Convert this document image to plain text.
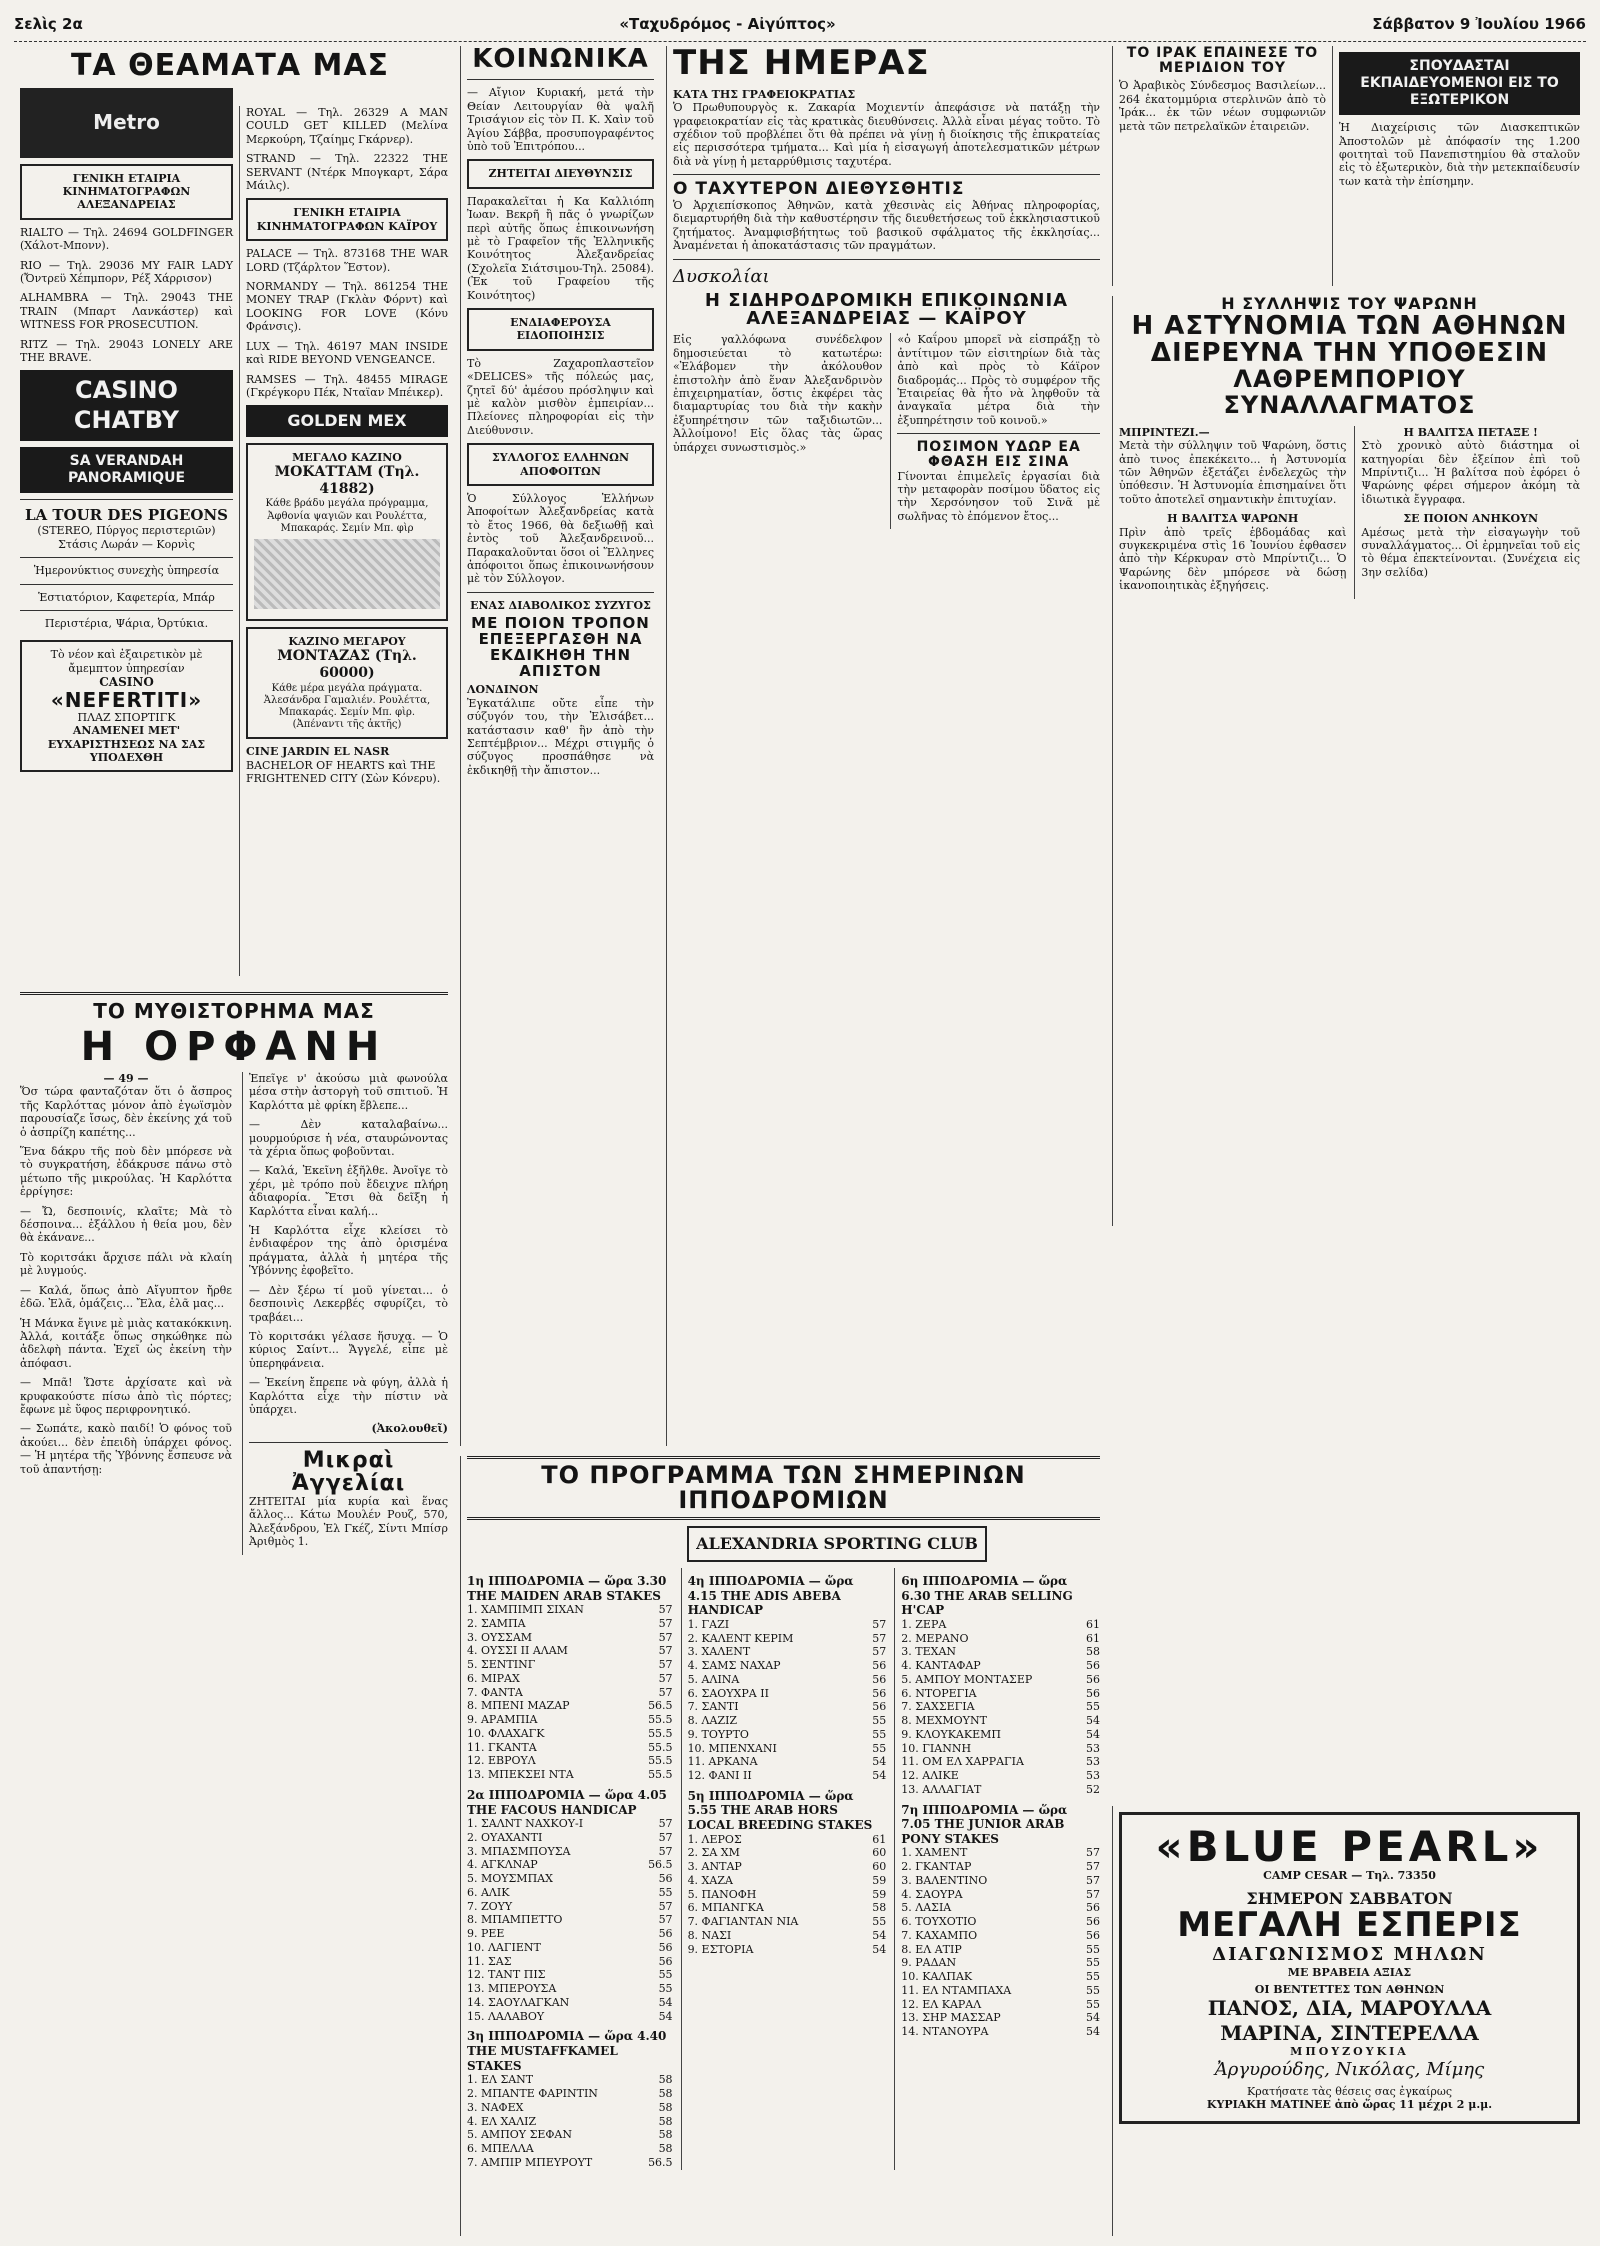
Σελὶς 2α	«Ταχυδρόμος - Αἰγύπτος»	Σάββατον 9 Ἰουλίου 1966
ΤΑ ΘΕΑΜΑΤΑ ΜΑΣ
Metro
ΓΕΝΙΚΗ ΕΤΑΙΡΙΑ ΚΙΝΗΜΑΤΟΓΡΑΦΩΝ ΑΛΕΞΑΝΔΡΕΙΑΣ
RIALTO — Τηλ. 24694 GOLDFINGER (Χάλοτ-Μπονν).
RIO — Τηλ. 29036 MY FAIR LADY (Ὄντρεϋ Χέπμπορν, Ρέξ Χάρρισον)
ALHAMBRA — Τηλ. 29043 THE TRAIN (Μπαρτ Λανκάστερ) καὶ WITNESS FOR PROSECUTION.
RITZ — Τηλ. 29043 LONELY ARE THE BRAVE.
CASINO CHATBY
SA VERANDAH PANORAMIQUE
LA TOUR DES PIGEONS
(STEREO, Πύργος περιστεριῶν) Στάσις Λωράν — Κορνὶς
Ἡμερονύκτιος συνεχὴς ὑπηρεσία
Ἑστιατόριον, Καφετερία, Μπάρ
Περιστέρια, Ψάρια, Ὀρτύκια.
Τὸ νέον καὶ ἐξαιρετικὸν μὲ ἄμεμπτον ὑπηρεσίαν
CASINO
«NEFERTITI»
ΠΛΑΖ ΣΠΟΡΤΙΓΚ
ΑΝΑΜΕΝΕΙ ΜΕΤ' ΕΥΧΑΡΙΣΤΗΣΕΩΣ ΝΑ ΣΑΣ ΥΠΟΔΕΧΘΗ
ROYAL — Τηλ. 26329 A MAN COULD GET KILLED (Μελίνα Μερκούρη, Τζαίημς Γκάρνερ).
STRAND — Τηλ. 22322 THE SERVANT (Ντέρκ Μπογκαρτ, Σάρα Μάιλς).
ΓΕΝΙΚΗ ΕΤΑΙΡΙΑ ΚΙΝΗΜΑΤΟΓΡΑΦΩΝ ΚΑΪΡΟΥ
PALACE — Τηλ. 873168 THE WAR LORD (Τζάρλτον Ἕστον).
NORMANDY — Τηλ. 861254 THE MONEY TRAP (Γκλὰν Φόρντ) καὶ LOOKING FOR LOVE (Κόνυ Φράνσις).
LUX — Τηλ. 46197 MAN INSIDE καὶ RIDE BEYOND VENGEANCE.
RAMSES — Τηλ. 48455 MIRAGE (Γκρέγκορυ Πέκ, Νταϊαν Μπέικερ).
GOLDEN MEX
ΜΕΓΑΛΟ ΚΑΖΙΝΟ
ΜΟΚΑΤΤΑΜ (Τηλ. 41882)
Κάθε βράδυ μεγάλα πρόγραμμα, Ἀφθονία ψαγιῶν και Ρουλέττα, Μπακαράς. Σεμίν Μπ. φὶρ
ΚΑΖΙΝΟ ΜΕΓΑΡΟΥ
ΜΟΝΤΑΖΑΣ (Τηλ. 60000)
Κάθε μέρα μεγάλα πράγματα. Ἀλεσάνδρα Γαμαλιέν. Ρουλέττα, Μπακαράς. Σεμίν Μπ. φὶρ. (Ἀπέναντι τῆς ἀκτῆς)
CINE JARDIN EL NASR
BACHELOR OF HEARTS καὶ THE FRIGHTENED CITY (Σὼν Κόνερυ).
ΤΟ ΜΥΘΙΣΤΟΡΗΜΑ ΜΑΣ
Η ΟΡΦΑΝΗ
— 49 —
Ὅσ τώρα φανταζόταν ὅτι ὁ ἄσπρος τῆς Καρλόττας μόνον ἀπὸ ἐγωϊσμὸν παρουσίαζε ἴσως, δὲν ἐκείνης χά τοῦ ὁ ἀσπρίζη καπέτης...
Ἕνα δάκρυ τῆς ποὺ δὲν μπόρεσε νὰ τὸ συγκρατήση, ἐδάκρυσε πάνω στὸ μέτωπο τῆς μικρούλας. Ἡ Καρλόττα ἐρρίγησε:
— Ὤ, δεσποινίς, κλαῖτε; Μὰ τὸ δέσποινα... ἐξάλλου ἡ θεία μου, δὲν θὰ ἐκάνανε...
Τὸ κοριτσάκι ἄρχισε πάλι νὰ κλαίη μὲ λυγμούς.
— Καλά, ὅπως ἀπὸ Αἴγυπτον ἤρθε ἐδῶ. Ἐλᾶ, ὁμάζεις... Ἔλα, ἐλᾶ μας...
Ἡ Μάνκα ἔγινε μὲ μιὰς κατακόκκινη. Ἀλλά, κοιτάξε ὅπως σηκώθηκε πὼ ἀδελφὴ πάντα. Ἐχεῖ ὡς ἐκείνη τὴν ἀπόφασι.
— Μπᾶ! Ὥστε ἀρχίσατε καὶ νὰ κρυφακούστε πίσω ἀπὸ τὶς πόρτες; ἔφωνε μὲ ὕφος περιφρονητικό.
— Σωπάτε, κακὸ παιδί! Ὁ φόνος τοῦ ἀκούει... δὲν ἐπειδὴ ὑπάρχει φόνος. — Ἡ μητέρα τῆς Ὑβόννης ἔσπευσε νὰ τοῦ ἀπαντήσῃ:
Ἐπεῖγε ν' ἀκούσω μιὰ φωνούλα μέσα στὴν ἀστοργὴ τοῦ σπιτιοῦ. Ἡ Καρλόττα μὲ φρίκη ἔβλεπε...
— Δὲν καταλαβαίνω... μουρμούρισε ἡ νέα, σταυρώνοντας τὰ χέρια ὅπως φοβοῦνται.
— Καλά, Ἐκεῖνη ἐξῆλθε. Ἀνοῖγε τὸ χέρι, μὲ τρόπο ποὺ ἔδειχνε πλήρη ἀδιαφορία. Ἔτσι θὰ δεῖξη ἡ Καρλόττα εἶναι καλή...
Ἡ Καρλόττα εἶχε κλείσει τὸ ἐνδιαφέρον της ἀπὸ ὁρισμένα πράγματα, ἀλλὰ ἡ μητέρα τῆς Ὑβόννης ἐφοβεῖτο.
— Δὲν ξέρω τί μοῦ γίνεται... ὁ δεσποινὶς Λεκερβές σφυρίζει, τὸ τραβάει...
Τὸ κοριτσάκι γέλασε ἥσυχα. — Ὁ κύριος Σαίντ... Ἄγγελέ, εἶπε μὲ ὑπερηφάνεια.
— Ἐκείνη ἔπρεπε νὰ φύγη, ἀλλὰ ἡ Καρλόττα εἶχε τὴν πίστιν νὰ ὑπάρχει.
(Ἀκολουθεῖ)
Μικραὶ Ἀγγελίαι
ΖΗΤΕΙΤΑΙ μία κυρία καὶ ἕνας ἄλλος... Κάτω Μουλέν Ρουζ, 570, Ἀλεξάνδρου, Ἐλ Γκέζ, Σίντι Μπίσρ Ἀριθμὸς 1.
ΚΟΙΝΩΝΙΚΑ
— Αἴγιον Κυριακή, μετά τὴν Θείαν Λειτουργίαν θὰ ψαλῆ Τρισάγιον εἰς τὸν Π. Κ. Χαὶν τοῦ Ἁγίου Σάββα, προσυπογραφέντος ὑπὸ τοῦ Ἐπιτρόπου...
ΖΗΤΕΙΤΑΙ ΔΙΕΥΘΥΝΣΙΣ
Παρακαλεῖται ἡ Κα Καλλιόπη Ἰωαν. Βεκρῆ ἢ πᾶς ὁ γνωρίζων περὶ αὐτῆς ὅπως ἐπικοινωνήση μὲ τὸ Γραφεῖον τῆς Ἑλληνικῆς Κοινότητος Ἀλεξανδρείας (Σχολεῖα Σιάτσιμου-Τηλ. 25084). (Ἐκ τοῦ Γραφείου τῆς Κοινότητος)
ΕΝΔΙΑΦΕΡΟΥΣΑ ΕΙΔΟΠΟΙΗΣΙΣ
Τὸ Ζαχαροπλαστεῖον «DELICES» τῆς πόλεώς μας, ζητεῖ δύ' ἀμέσου πρόσληψιν καὶ μὲ καλὸν μισθὸν ἐμπειρίαν... Πλείονες πληροφορίαι εἰς τὴν Διεύθυνσιν.
ΣΥΛΛΟΓΟΣ ΕΛΛΗΝΩΝ ΑΠΟΦΟΙΤΩΝ
Ὁ Σύλλογος Ἑλλήνων Ἀποφοίτων Ἀλεξανδρείας κατὰ τὸ ἔτος 1966, θὰ δεξιωθῇ καὶ ἐντὸς τοῦ Ἀλεξανδρεινοῦ... Παρακαλοῦνται ὅσοι οἱ Ἕλληνες ἀπόφοιτοι ὅπως ἐπικοινωνήσουν μὲ τὸν Σύλλογον.
ΕΝΑΣ ΔΙΑΒΟΛΙΚΟΣ ΣΥΖΥΓΟΣ
ΜΕ ΠΟΙΟΝ ΤΡΟΠΟΝ ΕΠΕΞΕΡΓΑΣΘΗ ΝΑ ΕΚΔΙΚΗΘΗ ΤΗΝ ΑΠΙΣΤΟΝ
ΛΟΝΔΙΝΟΝ
Ἐγκατάλιπε οὔτε εἶπε τὴν σύζυγόν του, τὴν Ἐλισάβετ... κατάστασιν καθ' ἣν ἀπὸ τὴν Σεπτέμβριον... Μέχρι στιγμῆς ὁ σύζυγος προσπάθησε νὰ ἐκδικηθῇ τὴν ἄπιστον...
ΤΗΣ ΗΜΕΡΑΣ
ΚΑΤΑ ΤΗΣ ΓΡΑΦΕΙΟΚΡΑΤΙΑΣ
Ὁ Πρωθυπουργὸς κ. Ζακαρία Μοχιεντίν ἀπεφάσισε νὰ πατάξῃ τὴν γραφειοκρατίαν εἰς τὰς κρατικὰς διευθύνσεις. Ἀλλὰ εἶναι μέγας τοῦτο. Τὸ σχέδιον τοῦ προβλέπει ὅτι θὰ πρέπει νὰ γίνῃ ἡ διοίκησις τῆς ἐπικρατείας εἰς περισσότερα τμήματα... Καὶ μία ἡ εἰσαγωγή ἀποτελεσματικῶν μέτρων διὰ νὰ γίνῃ ἡ μεταρρύθμισις ταχυτέρα.
Ο ΤΑΧΥΤΕΡΟΝ ΔΙΕΘΥΣΘΗΤΙΣ
Ὁ Ἀρχιεπίσκοπος Ἀθηνῶν, κατὰ χθεσινὰς εἰς Ἀθήνας πληροφορίας, διεμαρτυρήθη διὰ τὴν καθυστέρησιν τῆς διευθετήσεως τοῦ ἐκκλησιαστικοῦ ζητήματος. Ἀναμφισβήτητως τοῦ βασικοῦ σφάλματος τῆς ἐκκλησίας... Ἀναμένεται ἡ ἀποκατάστασις τῶν πραγμάτων.
Δυσκολίαι
Η ΣΙΔΗΡΟΔΡΟΜΙΚΗ ΕΠΙΚΟΙΝΩΝΙΑ ΑΛΕΞΑΝΔΡΕΙΑΣ — ΚΑΪΡΟΥ
Εἰς γαλλόφωνα συνέδελφον δημοσιεύεται τὸ κατωτέρω: «Ἐλάβομεν τὴν ἀκόλουθον ἐπιστολὴν ἀπὸ ἕναν Ἀλεξανδρινὸν ἐπιχειρηματίαν, ὅστις ἐκφέρει τὰς διαμαρτυρίας του διὰ τὴν κακὴν ἐξυπηρέτησιν τῶν ταξιδιωτῶν... Ἀλλοίμονο! Εἰς ὅλας τὰς ὥρας ὑπάρχει συνωστισμὸς.»
«ὁ Καΐρου μπορεῖ νὰ εἰσπράξῃ τὸ ἀντίτιμον τῶν εἰσιτηρίων διὰ τὰς ἀπὸ καὶ πρὸς τὸ Κάϊρον διαδρομάς... Πρὸς τὸ συμφέρον τῆς Ἑταιρείας θὰ ἦτο νὰ ληφθοῦν τὰ ἀναγκαῖα μέτρα διὰ τὴν ἐξυπηρέτησιν τοῦ κοινοῦ.»
ΠΟΣΙΜΟΝ ΥΔΩΡ ΕΑ ΦΘΑΣΗ ΕΙΣ ΣΙΝΑ
Γίνονται ἐπιμελεῖς ἐργασίαι διὰ τὴν μεταφορὰν ποσίμου ὕδατος εἰς τὴν Χερσόνησον τοῦ Σινᾶ μὲ σωλῆνας τὸ ἐπόμενον ἔτος...
ΤΟ ΙΡΑΚ ΕΠΑΙΝΕΣΕ ΤΟ ΜΕΡΙΔΙΟΝ ΤΟΥ
Ὁ Ἀραβικὸς Σύνδεσμος Βασιλείων... 264 ἑκατομμύρια στερλινῶν ἀπὸ τὸ Ἰράκ... ἐκ τῶν νέων συμφωνιῶν μετὰ τῶν πετρελαϊκῶν ἑταιρειῶν.
ΣΠΟΥΔΑΣΤΑΙ ΕΚΠΑΙΔΕΥΟΜΕΝΟΙ ΕΙΣ ΤΟ ΕΞΩΤΕΡΙΚΟΝ
Ἡ Διαχείρισις τῶν Διασκεπτικῶν Ἀποστολῶν μὲ ἀπόφασίν της 1.200 φοιτηταὶ τοῦ Πανεπιστημίου θὰ σταλοῦν εἰς τὸ ἐξωτερικὸν, διὰ τὴν μετεκπαίδευσίν των κατὰ τὴν ἐπίσημην.
Η ΣΥΛΛΗΨΙΣ ΤΟΥ ΨΑΡΩΝΗ
Η ΑΣΤΥΝΟΜΙΑ ΤΩΝ ΑΘΗΝΩΝ
ΔΙΕΡΕΥΝΑ ΤΗΝ ΥΠΟΘΕΣΙΝ
ΛΑΘΡΕΜΠΟΡΙΟΥ ΣΥΝΑΛΛΑΓΜΑΤΟΣ
ΜΠΡΙΝΤΕΖΙ.—
Μετὰ τὴν σύλληψιν τοῦ Ψαρώνη, ὅστις ἀπὸ τινος ἐπεκέκειτο... ἡ Ἀστυνομία τῶν Ἀθηνῶν ἐξετάζει ἐνδελεχῶς τὴν ὑπόθεσιν. Ἡ Ἀστυνομία ἐπισημαίνει ὅτι τοῦτο ἀποτελεῖ σημαντικὴν ἐπιτυχίαν.
Η ΒΑΛΙΤΣΑ ΨΑΡΩΝΗ
Πρὶν ἀπὸ τρεῖς ἑβδομάδας καὶ συγκεκριμένα στὶς 16 Ἰουνίου ἐφθασεν ἀπὸ τὴν Κέρκυραν στὸ Μπρίντιζι... Ὁ Ψαρώνης δὲν μπόρεσε νὰ δώσῃ ἱκανοποιητικὰς ἐξηγήσεις.
Η ΒΑΛΙΤΣΑ ΠΕΤΑΞΕ !
Στὸ χρονικὸ αὐτὸ διάστημα οἱ κατηγορίαι δὲν ἐξείπον ἐπὶ τοῦ Μπρίντιζι... Ἡ βαλίτσα ποὺ ἐφόρει ὁ Ψαρώνης φέρει σήμερον ἀκόμη τὰ ἰδιωτικὰ ἔγγραφα.
ΣΕ ΠΟΙΟΝ ΑΝΗΚΟΥΝ
Αμέσως μετὰ τὴν εἰσαγωγὴν τοῦ συναλλάγματος... Οἱ ἑρμηνεῖαι τοῦ εἰς τὸ θέμα ἐπεκτείνονται. (Συνέχεια εἰς 3ην σελίδα)
ΤΟ ΠΡΟΓΡΑΜΜΑ ΤΩΝ ΣΗΜΕΡΙΝΩΝ ΙΠΠΟΔΡΟΜΙΩΝ
ALEXANDRIA SPORTING CLUB
1η ΙΠΠΟΔΡΟΜΙΑ — ὥρα 3.30 THE MAIDEN ARAB STAKES
1. ΧΑΜΠΙΜΠ ΣΙΧΑΝ	57
2. ΣΑΜΠΑ	57
3. ΟΥΣΣΑΜ	57
4. ΟΥΣΣΙ ΙΙ ΑΛΑΜ	57
5. ΣΕΝΤΙΝΓ	57
6. ΜΙΡΑΧ	57
7. ΦΑΝΤΑ	57
8. ΜΠΕΝΙ ΜΑΖΑΡ	56.5
9. ΑΡΑΜΠΙΑ	55.5
10. ΦΛΑΧΑΓΚ	55.5
11. ΓΚΑΝΤΑ	55.5
12. ΕΒΡΟΥΛ	55.5
13. ΜΠΕΚΣΕΙ ΝΤΑ	55.5
2α ΙΠΠΟΔΡΟΜΙΑ — ὥρα 4.05 THE FACOUS HANDICAP
1. ΣΑΛΝΤ ΝΑΧΚΟΥ-Ι	57
2. ΟΥΑΧΑΝΤΙ	57
3. ΜΠΑΣΜΠΟΥΣΑ	57
4. ΑΓΚΛΝΑΡ	56.5
5. ΜΟΥΣΜΠΑΧ	56
6. ΑΛΙΚ	55
7. ΖΟΥΥ	57
8. ΜΠΑΜΠΕΤΤΟ	57
9. ΡΕΕ	56
10. ΛΑΓΙΕΝΤ	56
11. ΣΑΣ	56
12. ΤΑΝΤ ΠΙΣ	55
13. ΜΠΕΡΟΥΣΑ	55
14. ΣΑΟΥΛΑΓΚΑΝ	54
15. ΛΑΛΑΒΟΥ	54
3η ΙΠΠΟΔΡΟΜΙΑ — ὥρα 4.40 THE MUSTAFFKAMEL STAKES
1. ΕΛ ΣΑΝΤ	58
2. ΜΠΑΝΤΕ ΦΑΡΙΝΤΙΝ	58
3. ΝΑΦΕΧ	58
4. ΕΛ ΧΑΛΙΖ	58
5. ΑΜΠΟΥ ΣΕΦΑΝ	58
6. ΜΠΕΛΛΑ	58
7. ΑΜΠΙΡ ΜΠΕΥΡΟΥΤ	56.5
4η ΙΠΠΟΔΡΟΜΙΑ — ὥρα 4.15 THE ADIS ABEBA HANDICAP
1. ΓΑΖΙ	57
2. ΚΑΛΕΝΤ ΚΕΡΙΜ	57
3. ΧΑΛΕΝΤ	57
4. ΣΑΜΣ ΝΑΧΑΡ	56
5. ΑΛΙΝΑ	56
6. ΣΑΟΥΧΡΑ ΙΙ	56
7. ΣΑΝΤΙ	56
8. ΛΑΖΙΖ	55
9. ΤΟΥΡΤΟ	55
10. ΜΠΕΝΧΑΝΙ	55
11. ΑΡΚΑΝΑ	54
12. ΦΑΝΙ ΙΙ	54
5η ΙΠΠΟΔΡΟΜΙΑ — ὥρα 5.55 THE ARAB HORS LOCAL BREEDING STAKES
1. ΛΕΡΟΣ	61
2. ΣΑ ΧΜ	60
3. ΑΝΤΑΡ	60
4. ΧΑΖΑ	59
5. ΠΑΝΟΦΗ	59
6. ΜΠΑΝΓΚΑ	58
7. ΦΑΓΙΑΝΤΑΝ ΝΙΑ	55
8. ΝΑΣΙ	54
9. ΕΣΤΟΡΙΑ	54
6η ΙΠΠΟΔΡΟΜΙΑ — ὥρα 6.30 THE ARAB SELLING H'CAP
1. ΖΕΡΑ	61
2. ΜΕΡΑΝΟ	61
3. ΤΕΧΑΝ	58
4. ΚΑΝΤΑΦΑΡ	56
5. ΑΜΠΟΥ ΜΟΝΤΑΣΕΡ	56
6. ΝΤΟΡΕΓΙΑ	56
7. ΣΑΧΣΕΓΙΑ	55
8. ΜΕΧΜΟΥΝΤ	54
9. ΚΛΟΥΚΑΚΕΜΠ	54
10. ΓΙΑΝΝΗ	53
11. ΟΜ ΕΛ ΧΑΡΡΑΓΙΑ	53
12. ΑΛΙΚΕ	53
13. ΑΛΛΑΓΙΑΤ	52
7η ΙΠΠΟΔΡΟΜΙΑ — ὥρα 7.05 THE JUNIOR ARAB PONY STAKES
1. ΧΑΜΕΝΤ	57
2. ΓΚΑΝΤΑΡ	57
3. ΒΑΛΕΝΤΙΝΟ	57
4. ΣΑΟΥΡΑ	57
5. ΛΑΣΙΑ	56
6. ΤΟΥΧΟΤΙΟ	56
7. ΚΑΧΑΜΠΟ	56
8. ΕΛ ΑΤΙΡ	55
9. ΡΑΔΑΝ	55
10. ΚΑΛΠΑΚ	55
11. ΕΛ ΝΤΑΜΠΑΧΑ	55
12. ΕΛ ΚΑΡΑΛ	55
13. ΣΗΡ ΜΑΣΣΑΡ	54
14. ΝΤΑΝΟΥΡΑ	54
«BLUE PEARL»
CAMP CESAR — Τηλ. 73350
ΣΗΜΕΡΟΝ ΣΑΒΒΑΤΟΝ
ΜΕΓΑΛΗ ΕΣΠΕΡΙΣ
ΔΙΑΓΩΝΙΣΜΟΣ ΜΗΛΩΝ
ΜΕ ΒΡΑΒΕΙΑ ΑΞΙΑΣ
ΟΙ ΒΕΝΤΕΤΤΕΣ ΤΩΝ ΑΘΗΝΩΝ
ΠΑΝΟΣ, ΔΙΑ, ΜΑΡΟΥΛΛΑ
ΜΑΡΙΝΑ, ΣΙΝΤΕΡΕΛΛΑ
ΜΠΟΥΖΟΥΚΙΑ
Ἀργυρούδης, Νικόλας, Μίμης
Κρατήσατε τὰς θέσεις σας ἐγκαίρως
ΚΥΡΙΑΚΗ ΜΑΤΙΝΕΕ ἀπὸ ὥρας 11 μέχρι 2 μ.μ.
